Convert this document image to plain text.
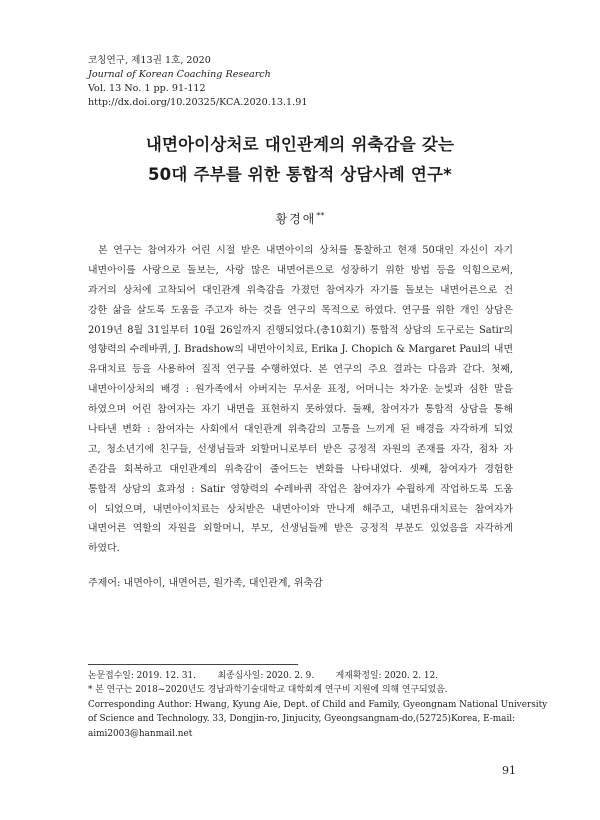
코칭연구, 제13권 1호, 2020
Journal of Korean Coaching Research
Vol. 13 No. 1 pp. 91-112
http://dx.doi.org/10.20325/KCA.2020.13.1.91
내면아이상처로 대인관계의 위축감을 갖는
50대 주부를 위한 통합적 상담사례 연구*
황경애**
본 연구는 참여자가 어린 시절 받은 내면아이의 상처를 통찰하고 현재 50대인 자신이 자기
내면아이를 사랑으로 돌보는, 사랑 많은 내면어른으로 성장하기 위한 방법 등을 익힘으로써,
과거의 상처에 고착되어 대인관계 위축감을 가졌던 참여자가 자기를 돌보는 내면어른으로 건
강한 삶을 살도록 도움을 주고자 하는 것을 연구의 목적으로 하였다. 연구를 위한 개인 상담은
2019년 8월 31일부터 10월 26일까지 진행되었다.(총10회기) 통합적 상담의 도구로는 Satir의
영향력의 수레바퀴, J. Bradshow의 내면아이치료, Erika J. Chopich & Margaret Paul의 내면
유대치료 등을 사용하여 질적 연구를 수행하였다. 본 연구의 주요 결과는 다음과 같다. 첫째,
내면아이상처의 배경 : 원가족에서 아버지는 무서운 표정, 어머니는 차가운 눈빛과 심한 말을
하였으며 어린 참여자는 자기 내면을 표현하지 못하였다. 둘째, 참여자가 통합적 상담을 통해
나타낸 변화 : 참여자는 사회에서 대인관계 위축감의 고통을 느끼게 된 배경을 자각하게 되었
고, 청소년기에 친구들, 선생님들과 외할머니로부터 받은 긍정적 자원의 존재를 자각, 점차 자
존감을 회복하고 대인관계의 위축감이 줄어드는 변화를 나타내었다. 셋째, 참여자가 경험한
통합적 상담의 효과성 : Satir 영향력의 수레바퀴 작업은 참여자가 수월하게 작업하도록 도움
이 되었으며, 내면아이치료는 상처받은 내면아이와 만나게 해주고, 내면유대치료는 참여자가
내면어른 역할의 자원을 외할머니, 부모, 선생님들께 받은 긍정적 부분도 있었음을 자각하게
하였다.
주제어: 내면아이, 내면어른, 원가족, 대인관계, 위축감
논문접수일: 2019. 12. 31. 최종심사일: 2020. 2. 9. 게재확정일: 2020. 2. 12.
* 본 연구는 2018~2020년도 경남과학기술대학교 대학회계 연구비 지원에 의해 연구되었음.
Corresponding Author: Hwang, Kyung Aie, Dept. of Child and Family, Gyeongnam National University
of Science and Technology. 33, Dongjin-ro, Jinjucity, Gyeongsangnam-do,(52725)Korea, E-mail:
aimi2003@hanmail.net
91
